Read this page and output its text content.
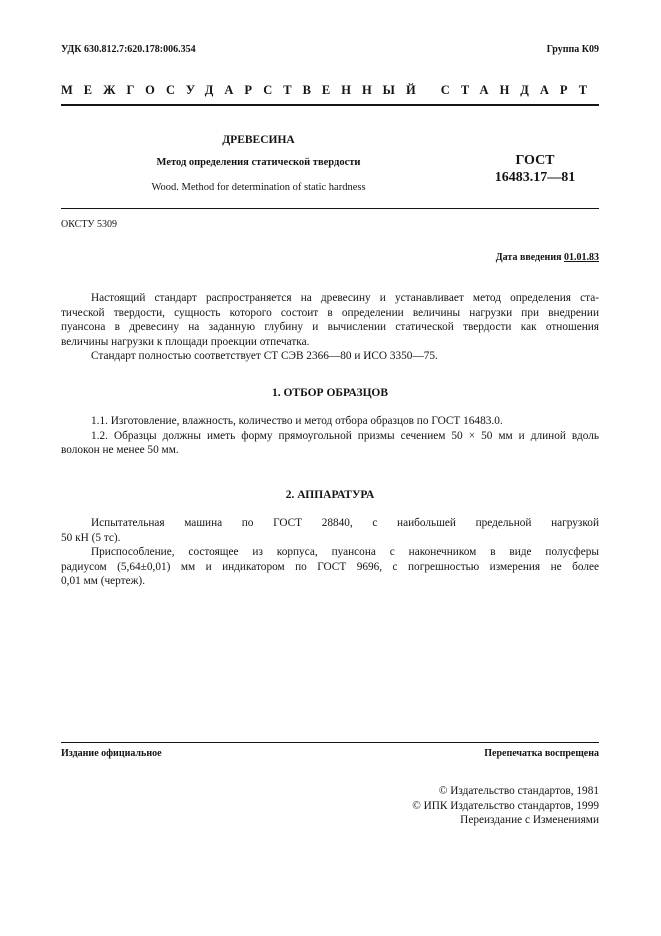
УДК 630.812.7:620.178:006.354	Группа К09
МЕЖГОСУДАРСТВЕННЫЙ СТАНДАРТ
ДРЕВЕСИНА
Метод определения статической твердости
Wood. Method for determination of static hardness
ГОСТ
16483.17—81
ОКСТУ 5309
Дата введения 01.01.83
Настоящий стандарт распространяется на древесину и устанавливает метод определения ста-
тической твердости, сущность которого состоит в определении величины нагрузки при внедрении
пуансона в древесину на заданную глубину и вычислении статической твердости как отношения
величины нагрузки к площади проекции отпечатка.
Стандарт полностью соответствует СТ СЭВ 2366—80 и ИСО 3350—75.
1. ОТБОР ОБРАЗЦОВ
1.1. Изготовление, влажность, количество и метод отбора образцов по ГОСТ 16483.0.
1.2. Образцы должны иметь форму прямоугольной призмы сечением 50 × 50 мм и длиной вдоль
волокон не менее 50 мм.
2. АППАРАТУРА
Испытательная машина по ГОСТ 28840, с наибольшей предельной нагрузкой
50 кН (5 тс).
Приспособление, состоящее из корпуса, пуансона с наконечником в виде полусферы
радиусом (5,64±0,01) мм и индикатором по ГОСТ 9696, с погрешностью измерения не более
0,01 мм (чертеж).
Издание официальное	Перепечатка воспрещена
© Издательство стандартов, 1981
© ИПК Издательство стандартов, 1999
Переиздание с Изменениями
